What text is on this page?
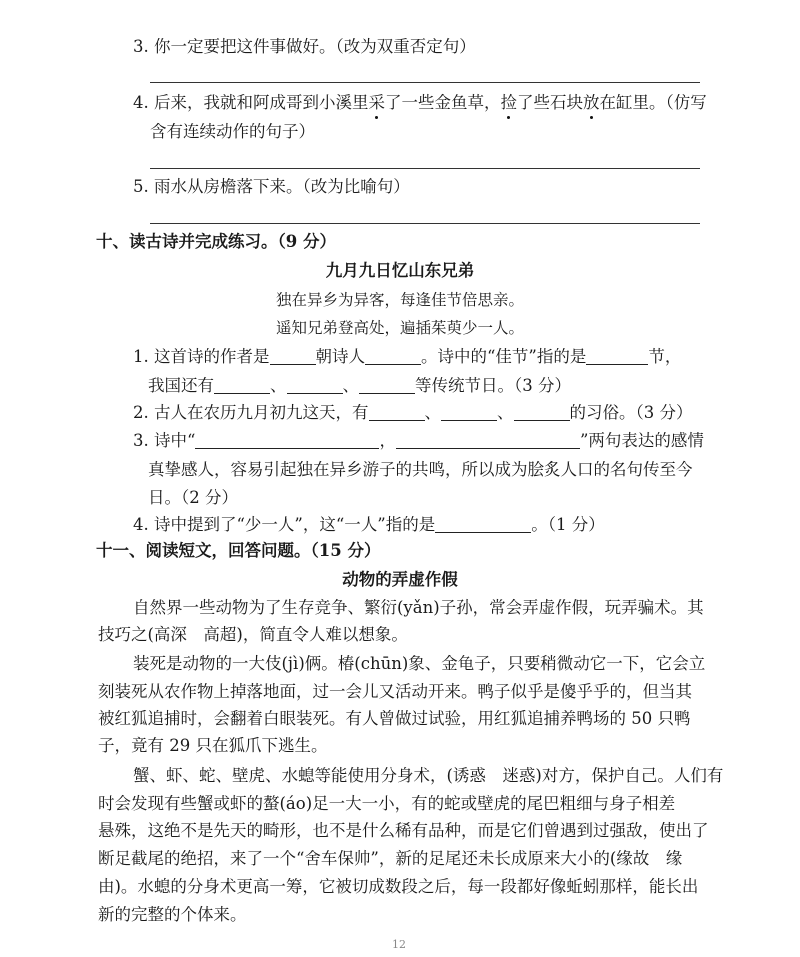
3. 你一定要把这件事做好。（改为双重否定句）
4. 后来，我就和阿成哥到小溪里采了一些金鱼草，捡了些石块放在缸里。（仿写
含有连续动作的句子）
5. 雨水从房檐落下来。（改为比喻句）
十、读古诗并完成练习。（9 分）
九月九日忆山东兄弟
独在异乡为异客，每逢佳节倍思亲。
遥知兄弟登高处，遍插茱萸少一人。
1. 这首诗的作者是	朝诗人	。诗中的“佳节”指的是	节，
我国还有	、	、	等传统节日。（3 分）
2. 古人在农历九月初九这天，有	、	、	的习俗。（3 分）
3. 诗中“	，	”两句表达的感情
真挚感人，容易引起独在异乡游子的共鸣，所以成为脍炙人口的名句传至今
日。（2 分）
4. 诗中提到了“少一人”，这“一人”指的是	。（1 分）
十一、阅读短文，回答问题。（15 分）
动物的弄虚作假
自然界一些动物为了生存竞争、繁衍(yǎn)子孙，常会弄虚作假，玩弄骗术。其
技巧之(高深　高超)，简直令人难以想象。
装死是动物的一大伎(jì)俩。椿(chūn)象、金龟子，只要稍微动它一下，它会立
刻装死从农作物上掉落地面，过一会儿又活动开来。鸭子似乎是傻乎乎的，但当其
被红狐追捕时，会翻着白眼装死。有人曾做过试验，用红狐追捕养鸭场的 50 只鸭
子，竟有 29 只在狐爪下逃生。
蟹、虾、蛇、壁虎、水螅等能使用分身术，(诱惑　迷惑)对方，保护自己。人们有
时会发现有些蟹或虾的螯(áo)足一大一小，有的蛇或壁虎的尾巴粗细与身子相差
悬殊，这绝不是先天的畸形，也不是什么稀有品种，而是它们曾遇到过强敌，使出了
断足截尾的绝招，来了一个“舍车保帅”，新的足尾还未长成原来大小的(缘故　缘
由)。水螅的分身术更高一筹，它被切成数段之后，每一段都好像蚯蚓那样，能长出
新的完整的个体来。
12
